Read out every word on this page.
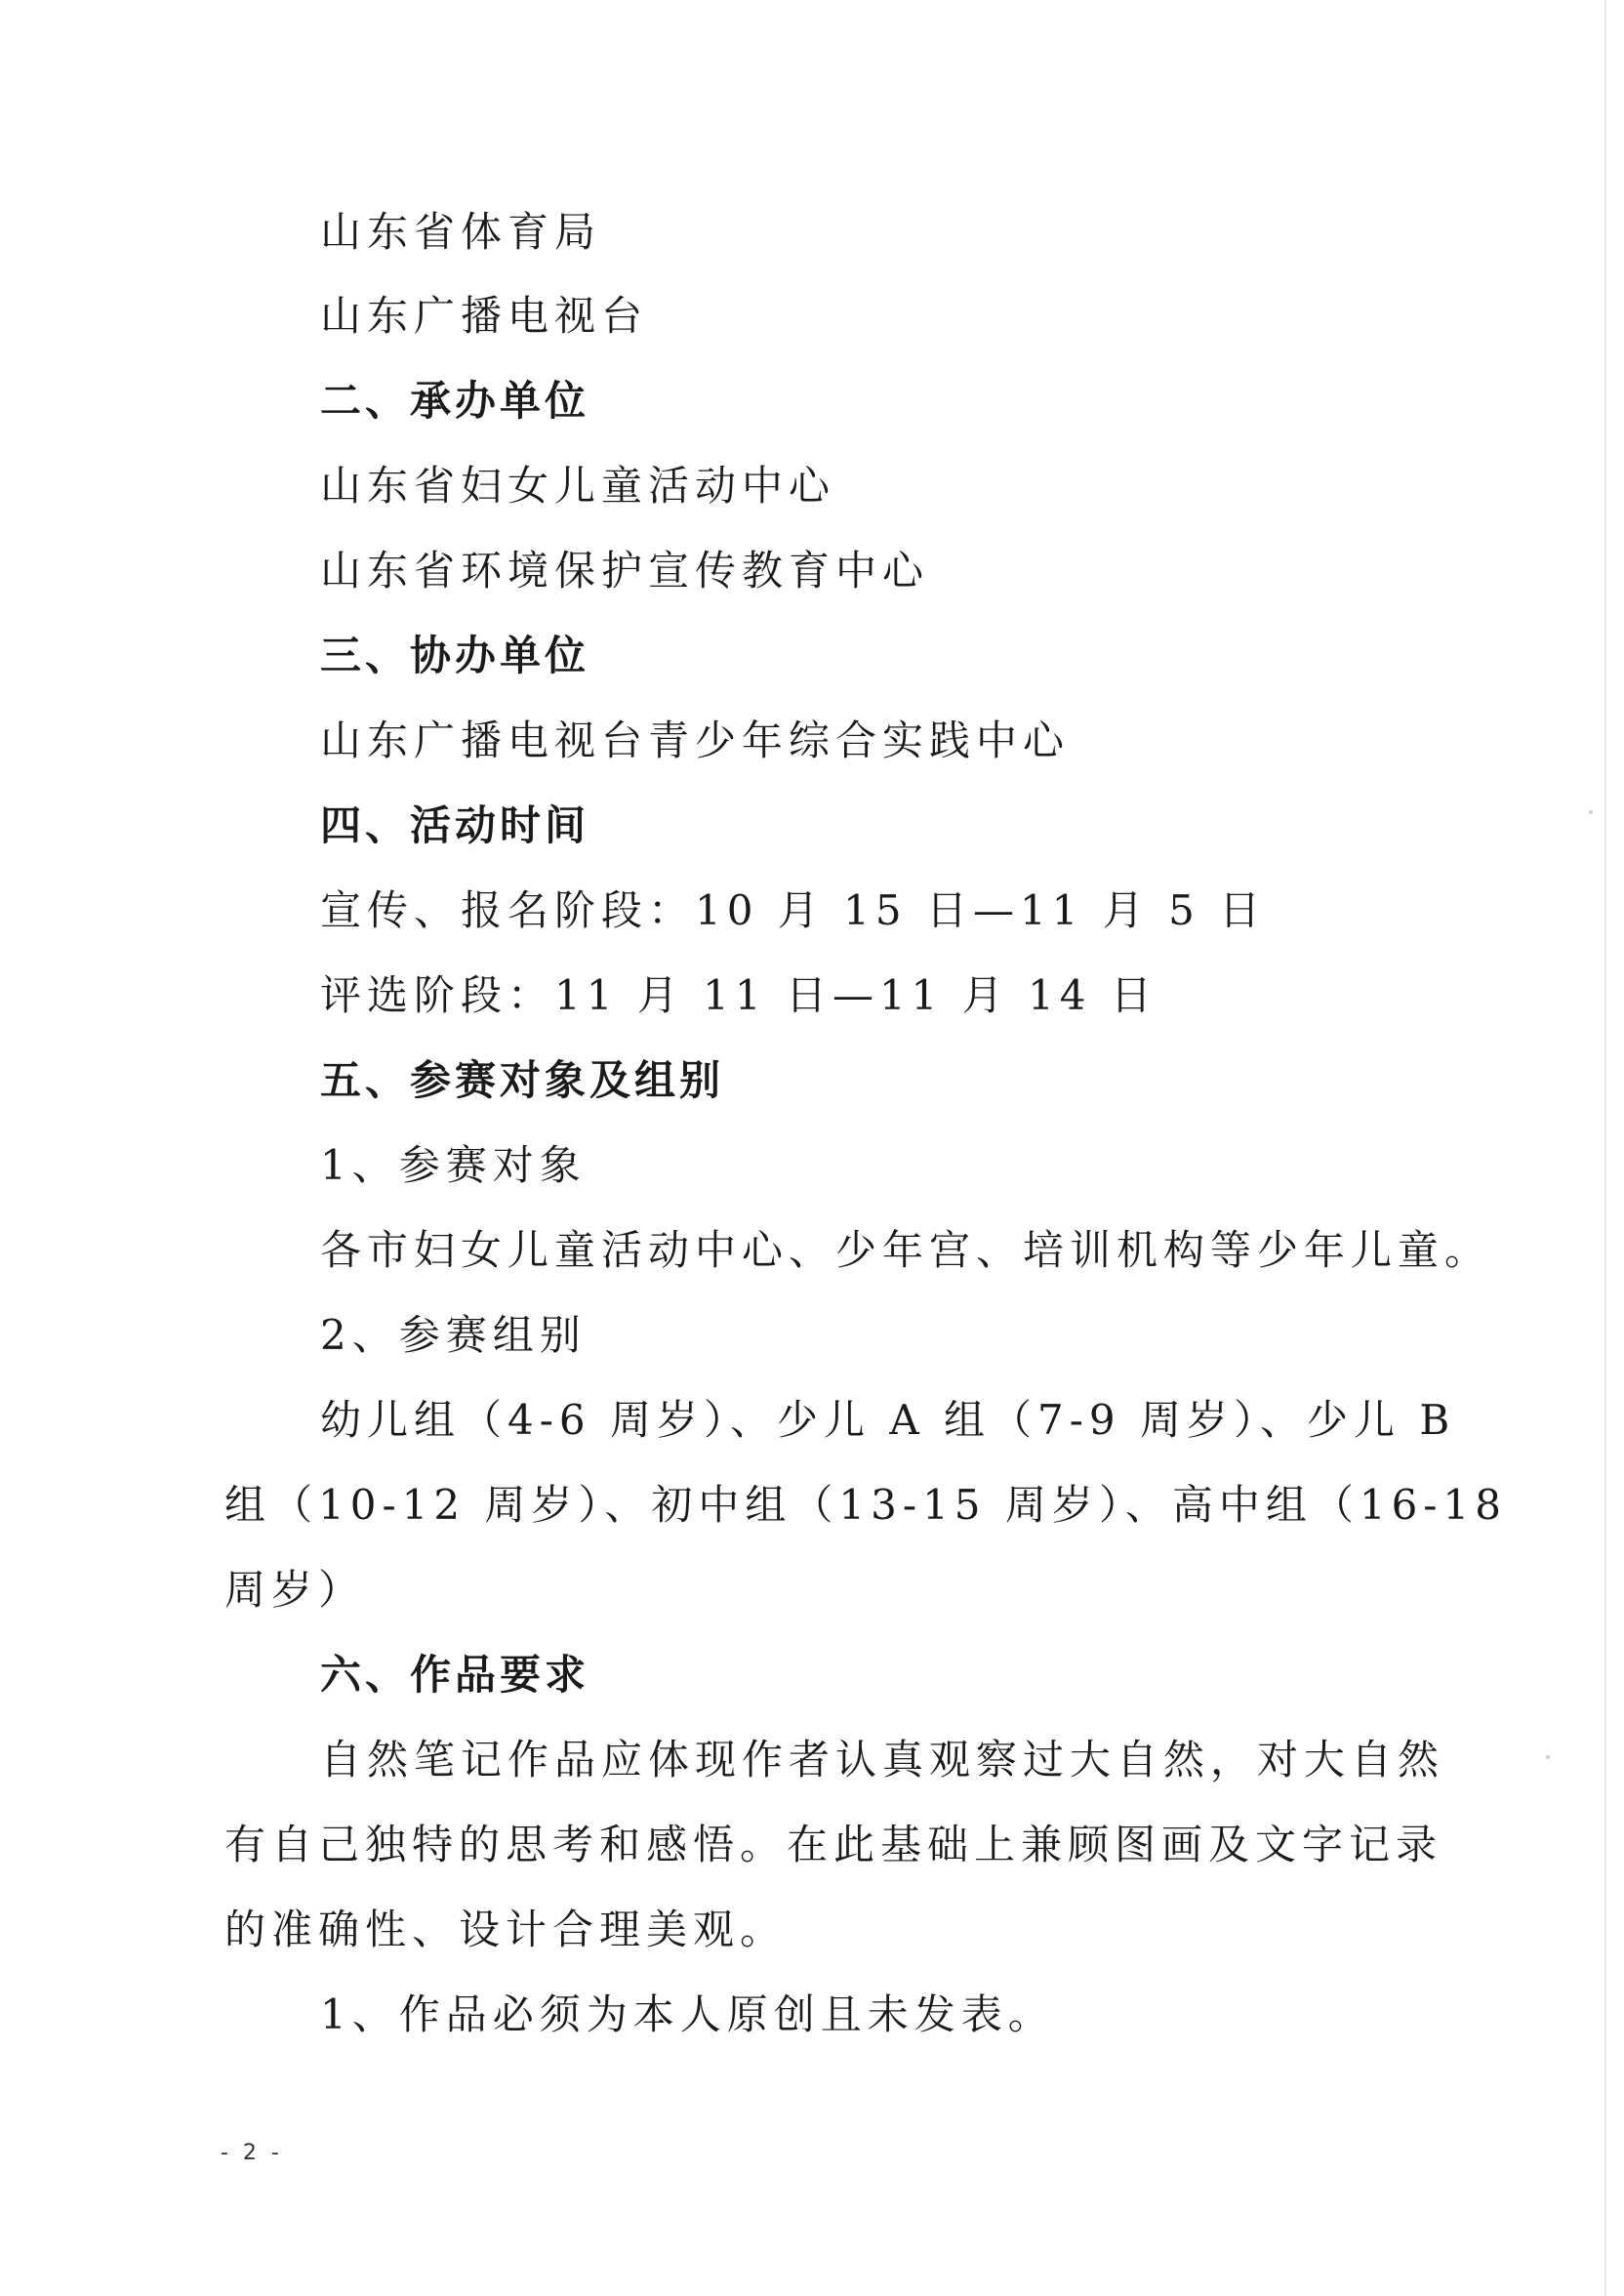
山东省体育局

山东广播电视台

二、承办单位

山东省妇女儿童活动中心

山东省环境保护宣传教育中心

三、协办单位

山东广播电视台青少年综合实践中心

四、活动时间

宣传、报名阶段：10 月 15 日—11 月 5 日

评选阶段：11 月 11 日—11 月 14 日

五、参赛对象及组别

1、参赛对象

各市妇女儿童活动中心、少年宫、培训机构等少年儿童。

2、参赛组别

幼儿组（4-6 周岁）、少儿 A 组（7-9 周岁）、少儿 B

组（10-12 周岁）、初中组（13-15 周岁）、高中组（16-18

周岁）

六、作品要求

自然笔记作品应体现作者认真观察过大自然，对大自然

有自己独特的思考和感悟。在此基础上兼顾图画及文字记录

的准确性、设计合理美观。

1、作品必须为本人原创且未发表。

- 2 -
